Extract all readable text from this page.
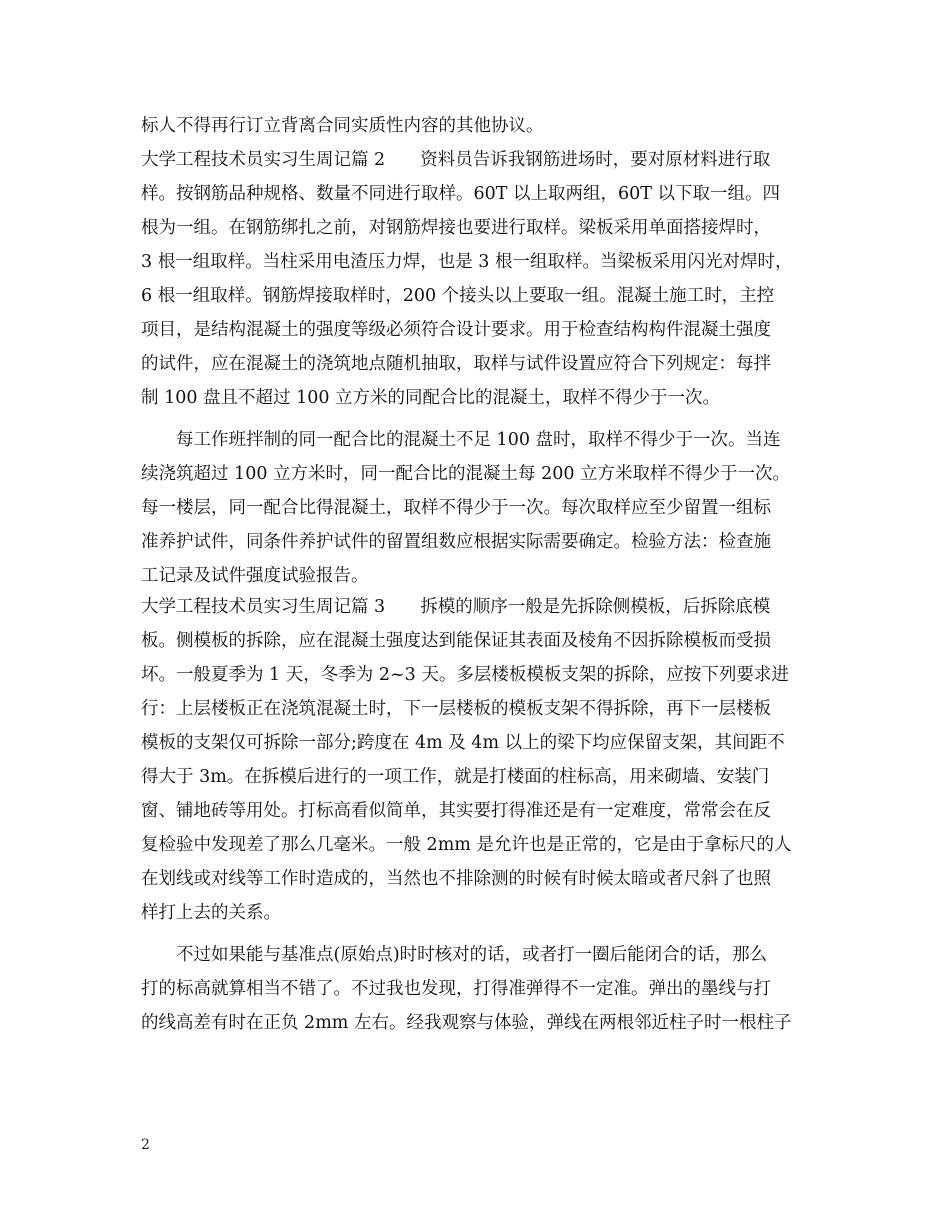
标人不得再行订立背离合同实质性内容的其他协议。
大学工程技术员实习生周记篇 2　　资料员告诉我钢筋进场时，要对原材料进行取
样。按钢筋品种规格、数量不同进行取样。60T 以上取两组，60T 以下取一组。四
根为一组。在钢筋绑扎之前，对钢筋焊接也要进行取样。梁板采用单面搭接焊时，
3 根一组取样。当柱采用电渣压力焊，也是 3 根一组取样。当梁板采用闪光对焊时，
6 根一组取样。钢筋焊接取样时，200 个接头以上要取一组。混凝土施工时，主控
项目，是结构混凝土的强度等级必须符合设计要求。用于检查结构构件混凝土强度
的试件，应在混凝土的浇筑地点随机抽取，取样与试件设置应符合下列规定：每拌
制 100 盘且不超过 100 立方米的同配合比的混凝土，取样不得少于一次。
每工作班拌制的同一配合比的混凝土不足 100 盘时，取样不得少于一次。当连
续浇筑超过 100 立方米时，同一配合比的混凝土每 200 立方米取样不得少于一次。
每一楼层，同一配合比得混凝土，取样不得少于一次。每次取样应至少留置一组标
准养护试件，同条件养护试件的留置组数应根据实际需要确定。检验方法：检查施
工记录及试件强度试验报告。
大学工程技术员实习生周记篇 3　　拆模的顺序一般是先拆除侧模板，后拆除底模
板。侧模板的拆除，应在混凝土强度达到能保证其表面及棱角不因拆除模板而受损
坏。一般夏季为 1 天，冬季为 2~3 天。多层楼板模板支架的拆除，应按下列要求进
行：上层楼板正在浇筑混凝土时，下一层楼板的模板支架不得拆除，再下一层楼板
模板的支架仅可拆除一部分;跨度在 4m 及 4m 以上的梁下均应保留支架，其间距不
得大于 3m。在拆模后进行的一项工作，就是打楼面的柱标高，用来砌墙、安装门
窗、铺地砖等用处。打标高看似简单，其实要打得准还是有一定难度，常常会在反
复检验中发现差了那么几毫米。一般 2mm 是允许也是正常的，它是由于拿标尺的人
在划线或对线等工作时造成的，当然也不排除测的时候有时候太暗或者尺斜了也照
样打上去的关系。
不过如果能与基准点(原始点)时时核对的话，或者打一圈后能闭合的话，那么
打的标高就算相当不错了。不过我也发现，打得准弹得不一定准。弹出的墨线与打
的线高差有时在正负 2mm 左右。经我观察与体验，弹线在两根邻近柱子时一根柱子
2
